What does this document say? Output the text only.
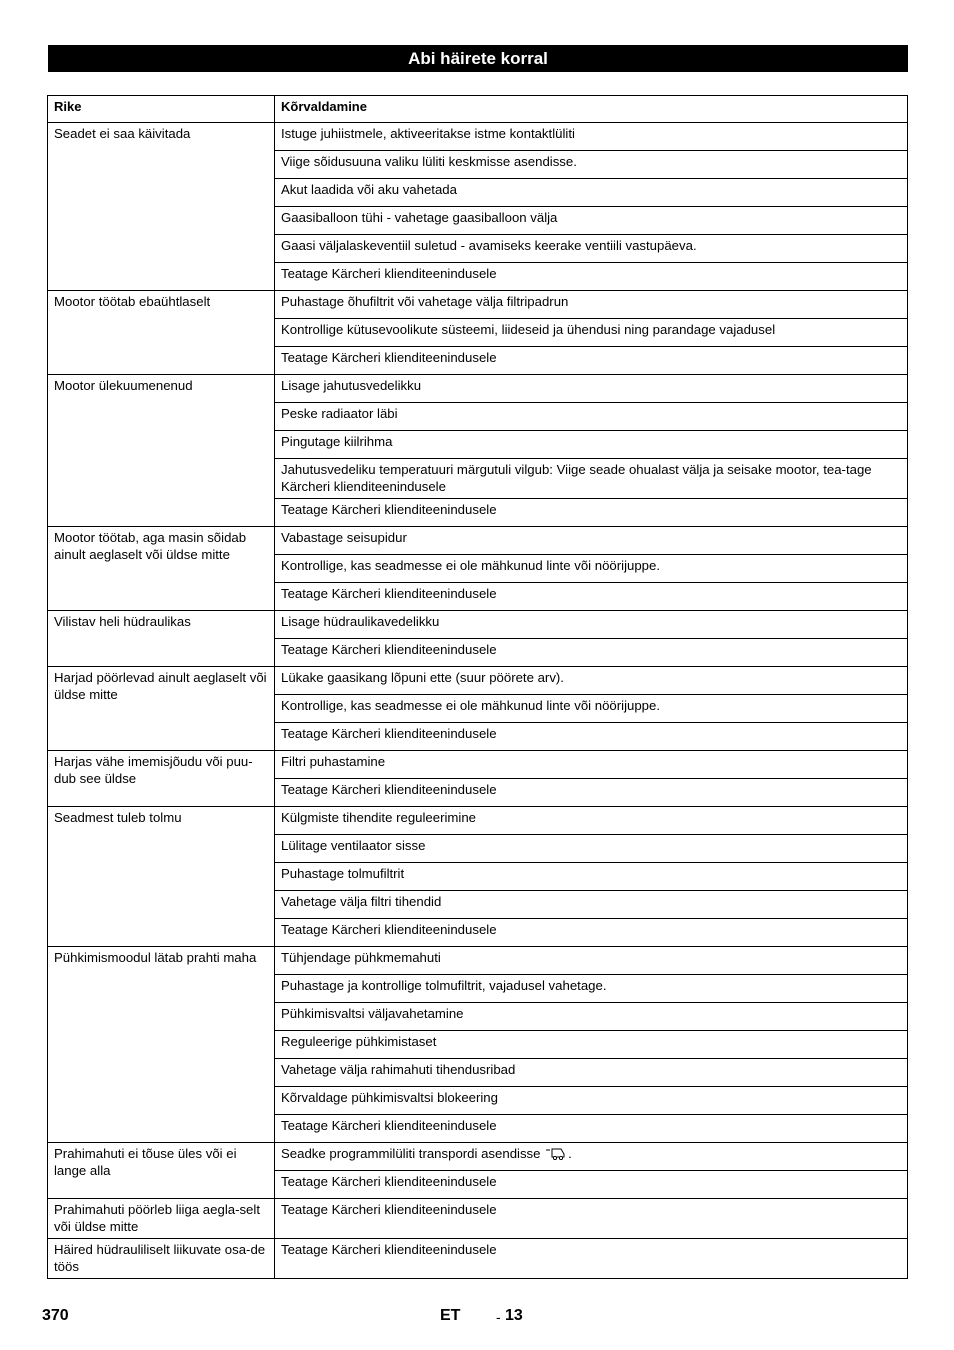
Abi häirete korral
Rike	Kõrvaldamine
Seadet ei saa käivitada	Istuge juhiistmele, aktiveeritakse istme kontaktlüliti
	Viige sõidusuuna valiku lüliti keskmisse asendisse.
	Akut laadida või aku vahetada
	Gaasiballoon tühi - vahetage gaasiballoon välja
	Gaasi väljalaskeventiil suletud - avamiseks keerake ventiili vastupäeva.
	Teatage Kärcheri klienditeenindusele
Mootor töötab ebaühtlaselt	Puhastage õhufiltrit või vahetage välja filtripadrun
	Kontrollige kütusevoolikute süsteemi, liideseid ja ühendusi ning parandage vajadusel
	Teatage Kärcheri klienditeenindusele
Mootor ülekuumenenud	Lisage jahutusvedelikku
	Peske radiaator läbi
	Pingutage kiilrihma
	Jahutusvedeliku temperatuuri märgutuli vilgub: Viige seade ohualast välja ja seisake mootor, tea-tage Kärcheri klienditeenindusele
	Teatage Kärcheri klienditeenindusele
Mootor töötab, aga masin sõidab ainult aeglaselt või üldse mitte	Vabastage seisupidur
	Kontrollige, kas seadmesse ei ole mähkunud linte või nöörijuppe.
	Teatage Kärcheri klienditeenindusele
Vilistav heli hüdraulikas	Lisage hüdraulikavedelikku
	Teatage Kärcheri klienditeenindusele
Harjad pöörlevad ainult aeglaselt või üldse mitte	Lükake gaasikang lõpuni ette (suur pöörete arv).
	Kontrollige, kas seadmesse ei ole mähkunud linte või nöörijuppe.
	Teatage Kärcheri klienditeenindusele
Harjas vähe imemisjõudu või puu-dub see üldse	Filtri puhastamine
	Teatage Kärcheri klienditeenindusele
Seadmest tuleb tolmu	Külgmiste tihendite reguleerimine
	Lülitage ventilaator sisse
	Puhastage tolmufiltrit
	Vahetage välja filtri tihendid
	Teatage Kärcheri klienditeenindusele
Pühkimismoodul lätab prahti maha	Tühjendage pühkmemahuti
	Puhastage ja kontrollige tolmufiltrit, vajadusel vahetage.
	Pühkimisvaltsi väljavahetamine
	Reguleerige pühkimistaset
	Vahetage välja rahimahuti tihendusribad
	Kõrvaldage pühkimisvaltsi blokeering
	Teatage Kärcheri klienditeenindusele
Prahimahuti ei tõuse üles või ei lange alla	Seadke programmilüliti transpordi asendisse .
	Teatage Kärcheri klienditeenindusele
Prahimahuti pöörleb liiga aegla-selt või üldse mitte	Teatage Kärcheri klienditeenindusele
Häired hüdrauliliselt liikuvate osa-de töös	Teatage Kärcheri klienditeenindusele
370	ET	- 13
